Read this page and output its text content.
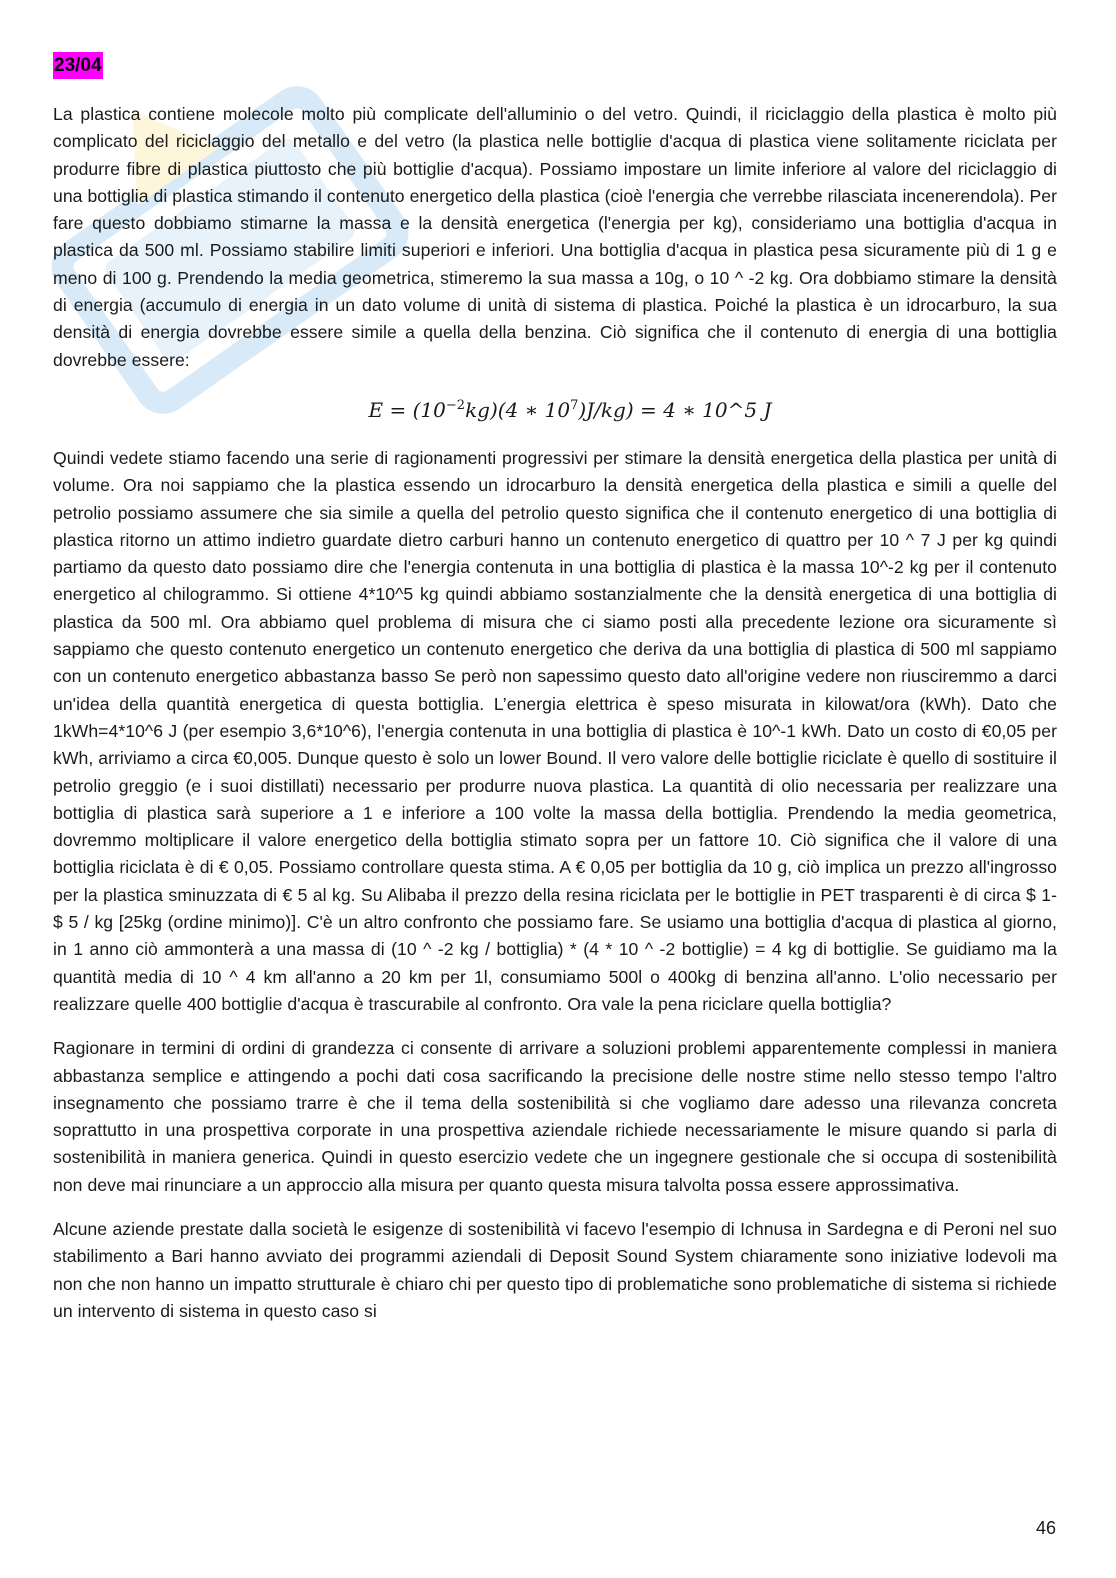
23/04

La plastica contiene molecole molto più complicate dell'alluminio o del vetro. Quindi, il riciclaggio della plastica è molto più complicato del riciclaggio del metallo e del vetro (la plastica nelle bottiglie d'acqua di plastica viene solitamente riciclata per produrre fibre di plastica piuttosto che più bottiglie d'acqua). Possiamo impostare un limite inferiore al valore del riciclaggio di una bottiglia di plastica stimando il contenuto energetico della plastica (cioè l'energia che verrebbe rilasciata incenerendola). Per fare questo dobbiamo stimarne la massa e la densità energetica (l'energia per kg), consideriamo una bottiglia d'acqua in plastica da 500 ml. Possiamo stabilire limiti superiori e inferiori. Una bottiglia d'acqua in plastica pesa sicuramente più di 1 g e meno di 100 g. Prendendo la media geometrica, stimeremo la sua massa a 10g, o 10 ^ -2 kg. Ora dobbiamo stimare la densità di energia (accumulo di energia in un dato volume di unità di sistema di plastica. Poiché la plastica è un idrocarburo, la sua densità di energia dovrebbe essere simile a quella della benzina. Ciò significa che il contenuto di energia di una bottiglia dovrebbe essere:

$E = (10^{-2}kg)(4$ ∗ $10^7)J/kg) = 4$ ∗ 10^5 J

Quindi vedete stiamo facendo una serie di ragionamenti progressivi per stimare la densità energetica della plastica per unità di volume. Ora noi sappiamo che la plastica essendo un idrocarburo la densità energetica della plastica e simili a quelle del petrolio possiamo assumere che sia simile a quella del petrolio questo significa che il contenuto energetico di una bottiglia di plastica ritorno un attimo indietro guardate dietro carburi hanno un contenuto energetico di quattro per 10 ^ 7 J per kg quindi partiamo da questo dato possiamo dire che l'energia contenuta in una bottiglia di plastica è la massa 10^-2 kg per il contenuto energetico al chilogrammo. Si ottiene 4*10^5 kg quindi abbiamo sostanzialmente che la densità energetica di una bottiglia di plastica da 500 ml. Ora abbiamo quel problema di misura che ci siamo posti alla precedente lezione ora sicuramente sì sappiamo che questo contenuto energetico un contenuto energetico che deriva da una bottiglia di plastica di 500 ml sappiamo con un contenuto energetico abbastanza basso Se però non sapessimo questo dato all'origine vedere non riusciremmo a darci un'idea della quantità energetica di questa bottiglia. L’energia elettrica è speso misurata in kilowat/ora (kWh). Dato che 1kWh=4*10^6 J (per esempio 3,6*10^6), l'energia contenuta in una bottiglia di plastica è 10^-1 kWh. Dato un costo di €0,05 per kWh, arriviamo a circa €0,005. Dunque questo è solo un lower Bound. Il vero valore delle bottiglie riciclate è quello di sostituire il petrolio greggio (e i suoi distillati) necessario per produrre nuova plastica. La quantità di olio necessaria per realizzare una bottiglia di plastica sarà superiore a 1 e inferiore a 100 volte la massa della bottiglia. Prendendo la media geometrica, dovremmo moltiplicare il valore energetico della bottiglia stimato sopra per un fattore 10. Ciò significa che il valore di una bottiglia riciclata è di € 0,05. Possiamo controllare questa stima. A € 0,05 per bottiglia da 10 g, ciò implica un prezzo all'ingrosso per la plastica sminuzzata di € 5 al kg. Su Alibaba il prezzo della resina riciclata per le bottiglie in PET trasparenti è di circa $ 1- $ 5 / kg [25kg (ordine minimo)]. C'è un altro confronto che possiamo fare. Se usiamo una bottiglia d'acqua di plastica al giorno, in 1 anno ciò ammonterà a una massa di (10 ^ -2 kg / bottiglia) * (4 * 10 ^ -2 bottiglie) = 4 kg di bottiglie. Se guidiamo ma la quantità media di 10 ^ 4 km all'anno a 20 km per 1l, consumiamo 500l o 400kg di benzina all'anno. L'olio necessario per realizzare quelle 400 bottiglie d'acqua è trascurabile al confronto. Ora vale la pena riciclare quella bottiglia?

Ragionare in termini di ordini di grandezza ci consente di arrivare a soluzioni problemi apparentemente complessi in maniera abbastanza semplice e attingendo a pochi dati cosa sacrificando la precisione delle nostre stime nello stesso tempo l'altro insegnamento che possiamo trarre è che il tema della sostenibilità si che vogliamo dare adesso una rilevanza concreta soprattutto in una prospettiva corporate in una prospettiva aziendale richiede necessariamente le misure quando si parla di sostenibilità in maniera generica. Quindi in questo esercizio vedete che un ingegnere gestionale che si occupa di sostenibilità non deve mai rinunciare a un approccio alla misura per quanto questa misura talvolta possa essere approssimativa.

Alcune aziende prestate dalla società le esigenze di sostenibilità vi facevo l'esempio di Ichnusa in Sardegna e di Peroni nel suo stabilimento a Bari hanno avviato dei programmi aziendali di Deposit Sound System chiaramente sono iniziative lodevoli ma non che non hanno un impatto strutturale è chiaro chi per questo tipo di problematiche sono problematiche di sistema si richiede un intervento di sistema in questo caso si

46
